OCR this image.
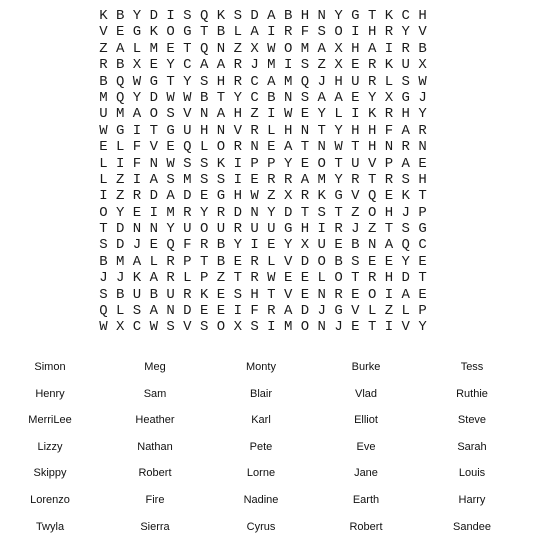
K B Y D I S Q K S D A B H N Y G T K C H
V E G K O G T B L A I R F S O I H R Y V
Z A L M E T Q N Z X W O M A X H A I R B
R B X E Y C A A R J M I S Z X E R K U X
B Q W G T Y S H R C A M Q J H U R L S W
M Q Y D W W B T Y C B N S A A E Y X G J
U M A O S V N A H Z I W E Y L I K R H Y
W G I T G U H N V R L H N T Y H H F A R
E L F V E Q L O R N E A T N W T H N R N
L I F N W S S K I P P Y E O T U V P A E
L Z I A S M S S I E R R A M Y R T R S H
I Z R D A D E G H W Z X R K G V Q E K T
O Y E I M R Y R D N Y D T S T Z O H J P
T D N N Y U O U R U U G H I R J Z T S G
S D J E Q F R B Y I E Y X U E B N A Q C
B M A L R P T B E R L V D O B S E E Y E
J J K A R L P Z T R W E E L O T R H D T
S B U B U R K E S H T V E N R E O I A E
Q L S A N D E E I F R A D J G V L Z L P
W X C W S V S O X S I M O N J E T I V Y
Simon	Meg	Monty	Burke	Tess
Henry	Sam	Blair	Vlad	Ruthie
MerriLee	Heather	Karl	Elliot	Steve
Lizzy	Nathan	Pete	Eve	Sarah
Skippy	Robert	Lorne	Jane	Louis
Lorenzo	Fire	Nadine	Earth	Harry
Twyla	Sierra	Cyrus	Robert	Sandee
